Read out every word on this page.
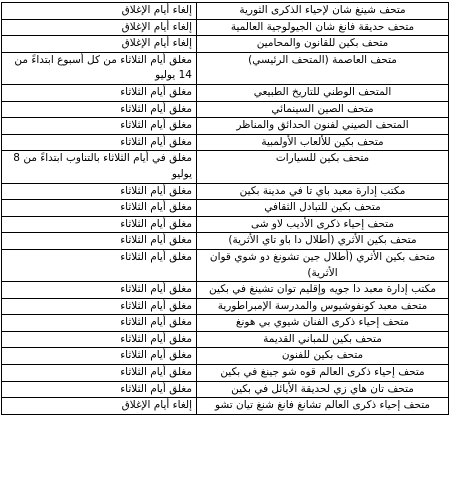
متحف شينغ شان لإحياء الذكرى الثورية	إلغاء أيام الإغلاق
متحف حديقة فانغ شان الجيولوجية العالمية	إلغاء أيام الإغلاق
متحف بكين للقانون والمحامين	إلغاء أيام الإغلاق
متحف العاصمة (المتحف الرئيسي)	مغلق أيام الثلاثاء من كل أسبوع ابتداءً من 14 يوليو
المتحف الوطني للتاريخ الطبيعي	مغلق أيام الثلاثاء
متحف الصين السينمائي	مغلق أيام الثلاثاء
المتحف الصيني لفنون الحدائق والمناظر	مغلق أيام الثلاثاء
متحف بكين للألعاب الأولمبية	مغلق أيام الثلاثاء
متحف بكين للسيارات	مغلق في أيام الثلاثاء بالتناوب ابتداءً من 8 يوليو
مكتب إدارة معبد باي تا في مدينة بكين	مغلق أيام الثلاثاء
متحف بكين للتبادل الثقافي	مغلق أيام الثلاثاء
متحف إحياء ذكرى الأديب لاو شى	مغلق أيام الثلاثاء
متحف بكين الأثري (أطلال دا باو تاي الأثرية)	مغلق أيام الثلاثاء
متحف بكين الأثري (أطلال جين تشونغ دو شوي قوان الأثرية)	مغلق أيام الثلاثاء
مكتب إدارة معبد دا جويه وإقليم توان تشينغ في بكين	مغلق أيام الثلاثاء
متحف معبد كونفوشيوس والمدرسة الإمبراطورية	مغلق أيام الثلاثاء
متحف إحياء ذكرى الفنان شيوي بي هونغ	مغلق أيام الثلاثاء
متحف بكين للمباني القديمة	مغلق أيام الثلاثاء
متحف بكين للفنون	مغلق أيام الثلاثاء
متحف إحياء ذكرى العالم قوه شو جينغ في بكين	مغلق أيام الثلاثاء
متحف تان هاي زي لحديقة الأيائل في بكين	مغلق أيام الثلاثاء
متحف إحياء ذكرى العالم تشانغ فانغ شنغ تيان تشو	إلغاء أيام الإغلاق
